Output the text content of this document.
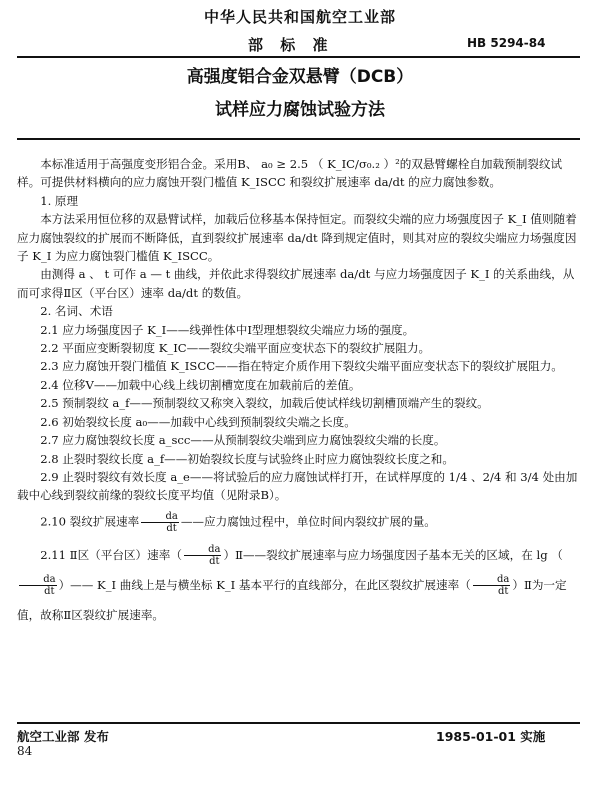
中华人民共和国航空工业部
部 标 准	HB 5294-84
高强度铝合金双悬臂（DCB）
试样应力腐蚀试验方法

本标准适用于高强度变形铝合金。采用B、 a₀ ≥ 2.5 （ K_IC/σ₀.₂ ）²的双悬臂螺栓自加载预制裂纹试样。可提供材料横向的应力腐蚀开裂门槛值 K_ISCC 和裂纹扩展速率 da/dt 的应力腐蚀参数。

1. 原理

本方法采用恒位移的双悬臂试样，加载后位移基本保持恒定。而裂纹尖端的应力场强度因子 K_I 值则随着应力腐蚀裂纹的扩展而不断降低，直到裂纹扩展速率 da/dt 降到规定值时，则其对应的裂纹尖端应力场强度因子 K_I 为应力腐蚀裂门槛值 K_ISCC。

由测得 a 、 t 可作 a — t 曲线，并依此求得裂纹扩展速率 da/dt 与应力场强度因子 K_I 的关系曲线，从而可求得Ⅱ区（平台区）速率 da/dt 的数值。

2. 名词、术语

2.1 应力场强度因子 K_I——线弹性体中Ⅰ型理想裂纹尖端应力场的强度。

2.2 平面应变断裂韧度 K_IC——裂纹尖端平面应变状态下的裂纹扩展阻力。

2.3 应力腐蚀开裂门槛值 K_ISCC——指在特定介质作用下裂纹尖端平面应变状态下的裂纹扩展阻力。

2.4 位移Ⅴ——加载中心线上线切割槽宽度在加载前后的差值。

2.5 预制裂纹 a_f——预制裂纹又称突入裂纹，加载后使试样线切割槽顶端产生的裂纹。

2.6 初始裂纹长度 a₀——加载中心线到预制裂纹尖端之长度。

2.7 应力腐蚀裂纹长度 a_scc——从预制裂纹尖端到应力腐蚀裂纹尖端的长度。

2.8 止裂时裂纹长度 a_f——初始裂纹长度与试验终止时应力腐蚀裂纹长度之和。

2.9 止裂时裂纹有效长度 a_e——将试验后的应力腐蚀试样打开，在试样厚度的 1/4 、2/4 和 3/4 处由加载中心线到裂纹前缘的裂纹长度平均值（见附录B）。

2.10 裂纹扩展速率 $\frac{da}{dt}$ ——应力腐蚀过程中，单位时间内裂纹扩展的量。

2.11 Ⅱ区（平台区）速率（ $\frac{da}{dt}$ ）Ⅱ——裂纹扩展速率与应力场强度因子基本无关的区域，在 lg （
$\frac{da}{dt}$ ）—— K_I 曲线上是与横坐标 K_I 基本平行的直线部分，在此区裂纹扩展速率（ $\frac{da}{dt}$ ）Ⅱ为一定值，故称Ⅱ区裂纹扩展速率。

航空工业部 发布	1985-01-01 实施
84
